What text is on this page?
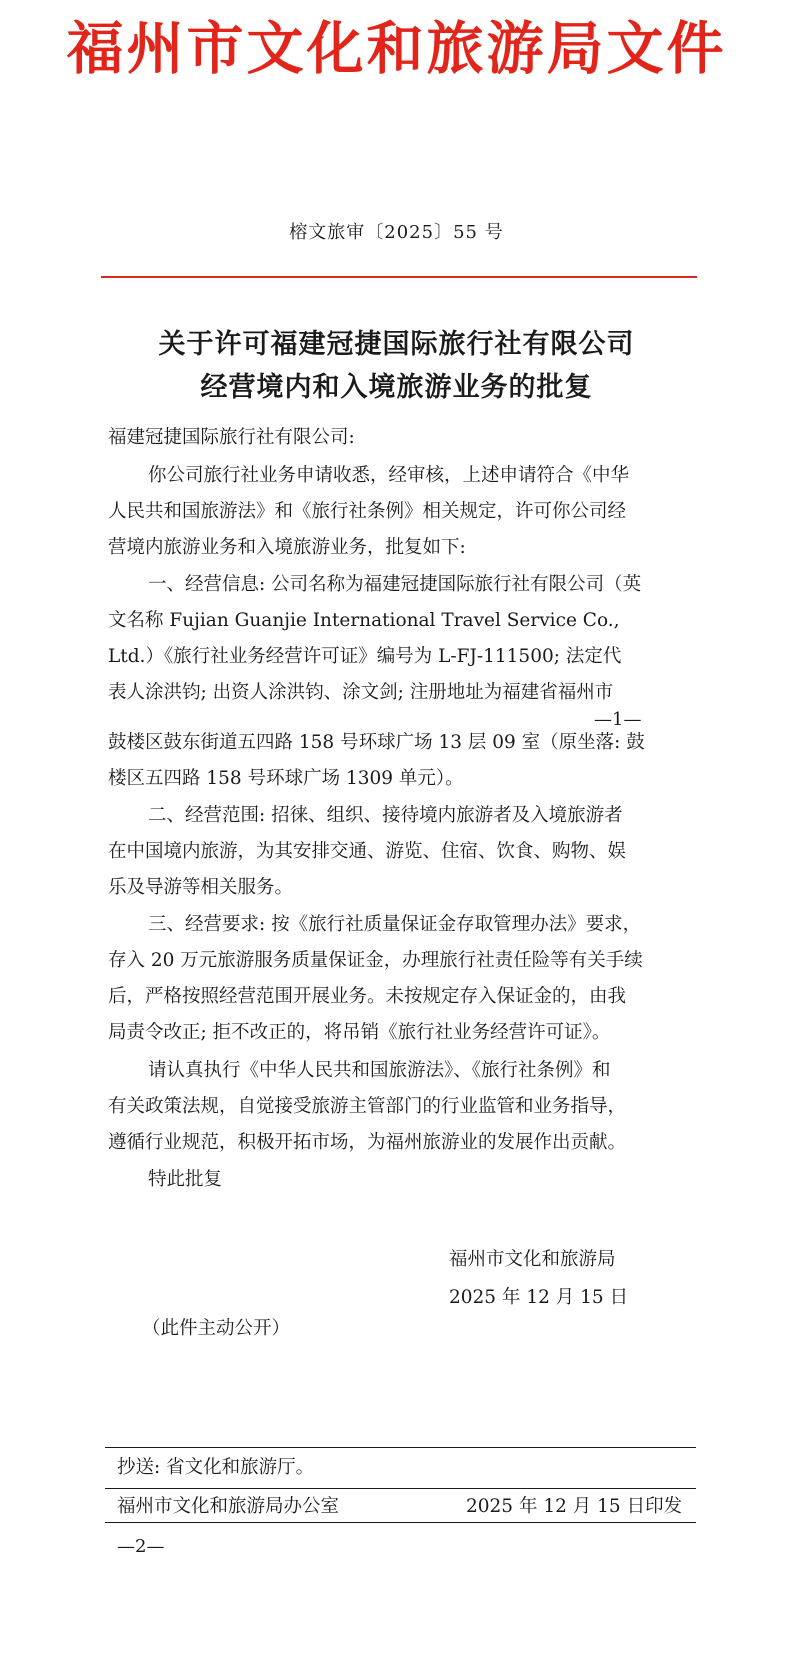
福州市文化和旅游局文件
榕文旅审〔2025〕55 号
关于许可福建冠捷国际旅行社有限公司
经营境内和入境旅游业务的批复
福建冠捷国际旅行社有限公司:
你公司旅行社业务申请收悉，经审核，上述申请符合《中华
人民共和国旅游法》和《旅行社条例》相关规定，许可你公司经
营境内旅游业务和入境旅游业务，批复如下:
一、经营信息: 公司名称为福建冠捷国际旅行社有限公司（英
文名称 Fujian Guanjie International Travel Service Co.,
Ltd.）《旅行社业务经营许可证》编号为 L-FJ-111500; 法定代
表人涂洪钧; 出资人涂洪钧、涂文剑; 注册地址为福建省福州市
—1—
鼓楼区鼓东街道五四路 158 号环球广场 13 层 09 室（原坐落: 鼓
楼区五四路 158 号环球广场 1309 单元）。
二、经营范围: 招徕、组织、接待境内旅游者及入境旅游者
在中国境内旅游，为其安排交通、游览、住宿、饮食、购物、娱
乐及导游等相关服务。
三、经营要求: 按《旅行社质量保证金存取管理办法》要求，
存入 20 万元旅游服务质量保证金，办理旅行社责任险等有关手续
后，严格按照经营范围开展业务。未按规定存入保证金的，由我
局责令改正; 拒不改正的，将吊销《旅行社业务经营许可证》。
请认真执行《中华人民共和国旅游法》、《旅行社条例》和
有关政策法规，自觉接受旅游主管部门的行业监管和业务指导，
遵循行业规范，积极开拓市场，为福州旅游业的发展作出贡献。
特此批复
福州市文化和旅游局
2025 年 12 月 15 日
（此件主动公开）
抄送: 省文化和旅游厅。
福州市文化和旅游局办公室	2025 年 12 月 15 日印发
—2—
